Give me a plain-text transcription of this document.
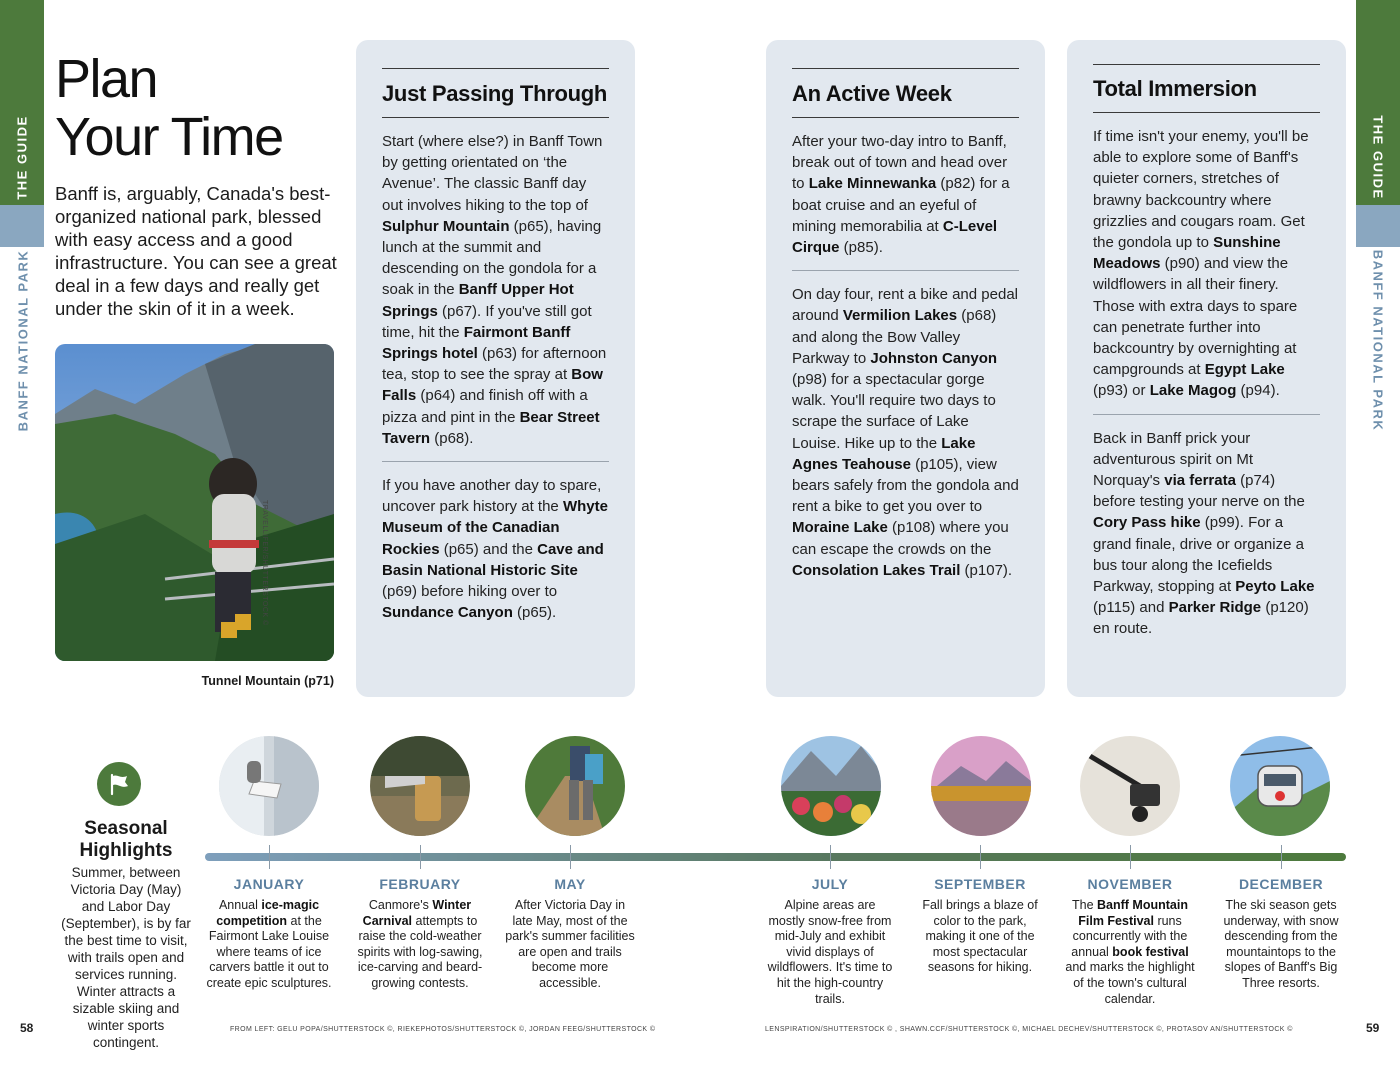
THE GUIDE
BANFF NATIONAL PARK
THE GUIDE
BANFF NATIONAL PARK
Plan
Your Time

Banff is, arguably, Canada's best-organized national park, blessed with easy access and a good infrastructure. You can see a great deal in a few days and really get under the skin of it in a week.

TRAVELLIFER/SHUTTERSTOCK ©
Tunnel Mountain (p71)
Just Passing Through

Start (where else?) in Banff Town by getting orientated on ‘the Avenue’. The classic Banff day out involves hiking to the top of Sulphur Mountain (p65), having lunch at the summit and descending on the gondola for a soak in the Banff Upper Hot Springs (p67). If you've still got time, hit the Fairmont Banff Springs hotel (p63) for afternoon tea, stop to see the spray at Bow Falls (p64) and finish off with a pizza and pint in the Bear Street Tavern (p68).

If you have another day to spare, uncover park history at the Whyte Museum of the Canadian Rockies (p65) and the Cave and Basin National Historic Site (p69) before hiking over to Sundance Canyon (p65).

An Active Week

After your two-day intro to Banff, break out of town and head over to Lake Minnewanka (p82) for a boat cruise and an eyeful of mining memorabilia at C-Level Cirque (p85).

On day four, rent a bike and pedal around Vermilion Lakes (p68) and along the Bow Valley Parkway to Johnston Canyon (p98) for a spectacular gorge walk. You'll require two days to scrape the surface of Lake Louise. Hike up to the Lake Agnes Teahouse (p105), view bears safely from the gondola and rent a bike to get you over to Moraine Lake (p108) where you can escape the crowds on the Consolation Lakes Trail (p107).

Total Immersion

If time isn't your enemy, you'll be able to explore some of Banff's quieter corners, stretches of brawny backcountry where grizzlies and cougars roam. Get the gondola up to Sunshine Meadows (p90) and view the wildflowers in all their finery. Those with extra days to spare can penetrate further into backcountry by overnighting at campgrounds at Egypt Lake (p93) or Lake Magog (p94).

Back in Banff prick your adventurous spirit on Mt Norquay's via ferrata (p74) before testing your nerve on the Cory Pass hike (p99). For a grand finale, drive or organize a bus tour along the Icefields Parkway, stopping at Peyto Lake (p115) and Parker Ridge (p120) en route.

Seasonal Highlights
Summer, between Victoria Day (May) and Labor Day (September), is by far the best time to visit, with trails open and services running. Winter attracts a sizable skiing and winter sports contingent.
JANUARY
Annual ice-magic competition at the Fairmont Lake Louise where teams of ice carvers battle it out to create epic sculptures.
FEBRUARY
Canmore's Winter Carnival attempts to raise the cold-weather spirits with log-sawing, ice-carving and beard-growing contests.
MAY
After Victoria Day in late May, most of the park's summer facilities are open and trails become more accessible.
JULY
Alpine areas are mostly snow-free from mid-July and exhibit vivid displays of wildflowers. It's time to hit the high-country trails.
SEPTEMBER
Fall brings a blaze of color to the park, making it one of the most spectacular seasons for hiking.
NOVEMBER
The Banff Mountain Film Festival runs concurrently with the annual book festival and marks the highlight of the town's cultural calendar.
DECEMBER
The ski season gets underway, with snow descending from the mountaintops to the slopes of Banff's Big Three resorts.
58	FROM LEFT: GELU POPA/SHUTTERSTOCK ©, RIEKEPHOTOS/SHUTTERSTOCK ©, JORDAN FEEG/SHUTTERSTOCK ©	LENSPIRATION/SHUTTERSTOCK © , SHAWN.CCF/SHUTTERSTOCK ©, MICHAEL DECHEV/SHUTTERSTOCK ©, PROTASOV AN/SHUTTERSTOCK ©	59
